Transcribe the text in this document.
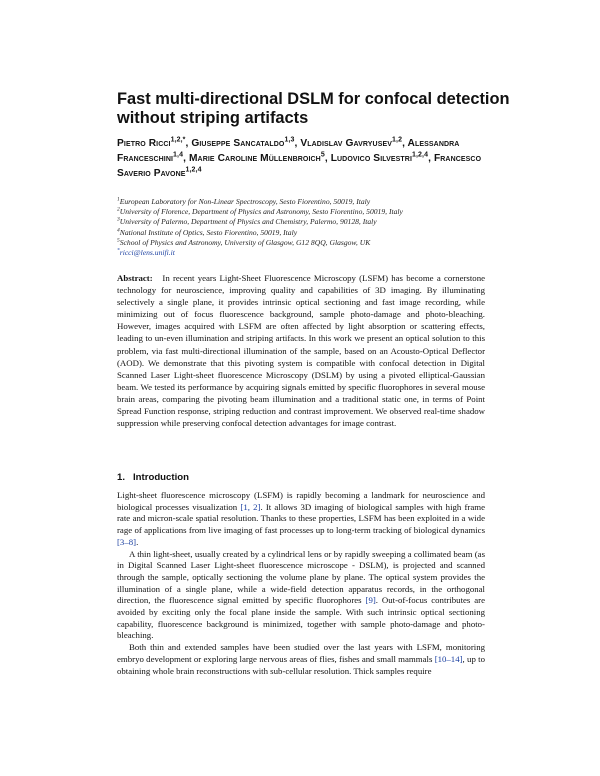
Fast multi-directional DSLM for confocal detection without striping artifacts
Pietro Ricci$^{1,2,*}$, Giuseppe Sancataldo$^{1,3}$, Vladislav Gavryusev$^{1,2}$, Alessandra Franceschini$^{1,4}$, Marie Caroline Müllenbroich$^5$, Ludovico Silvestri$^{1,2,4}$, Francesco Saverio Pavone$^{1,2,4}$
$^1$European Laboratory for Non-Linear Spectroscopy, Sesto Fiorentino, 50019, Italy
$^2$University of Florence, Department of Physics and Astronomy, Sesto Fiorentino, 50019, Italy
$^3$University of Palermo, Department of Physics and Chemistry, Palermo, 90128, Italy
$^4$National Institute of Optics, Sesto Fiorentino, 50019, Italy
$^5$School of Physics and Astronomy, University of Glasgow, G12 8QQ, Glasgow, UK
*ricci@lens.unifi.it
Abstract: In recent years Light-Sheet Fluorescence Microscopy (LSFM) has become a cornerstone technology for neuroscience, improving quality and capabilities of 3D imaging. By illuminating selectively a single plane, it provides intrinsic optical sectioning and fast image recording, while minimizing out of focus fluorescence background, sample photo-damage and photo-bleaching. However, images acquired with LSFM are often affected by light absorption or scattering effects, leading to un-even illumination and striping artifacts. In this work we present an optical solution to this problem, via fast multi-directional illumination of the sample, based on an Acousto-Optical Deflector (AOD). We demonstrate that this pivoting system is compatible with confocal detection in Digital Scanned Laser Light-sheet fluorescence Microscopy (DSLM) by using a pivoted elliptical-Gaussian beam. We tested its performance by acquiring signals emitted by specific fluorophores in several mouse brain areas, comparing the pivoting beam illumination and a traditional static one, in terms of Point Spread Function response, striping reduction and contrast improvement. We observed real-time shadow suppression while preserving confocal detection advantages for image contrast.
1. Introduction

Light-sheet fluorescence microscopy (LSFM) is rapidly becoming a landmark for neuroscience and biological processes visualization [1, 2]. It allows 3D imaging of biological samples with high frame rate and micron-scale spatial resolution. Thanks to these properties, LSFM has been exploited in a wide rage of applications from live imaging of fast processes up to long-term tracking of biological dynamics [3–8].

A thin light-sheet, usually created by a cylindrical lens or by rapidly sweeping a collimated beam (as in Digital Scanned Laser Light-sheet fluorescence microscope - DSLM), is projected and scanned through the sample, optically sectioning the volume plane by plane. The optical system provides the illumination of a single plane, while a wide-field detection apparatus records, in the orthogonal direction, the fluorescence signal emitted by specific fluorophores [9]. Out-of-focus contributes are avoided by exciting only the focal plane inside the sample. With such intrinsic optical sectioning capability, fluorescence background is minimized, together with sample photo-damage and photo-bleaching.

Both thin and extended samples have been studied over the last years with LSFM, monitoring embryo development or exploring large nervous areas of flies, fishes and small mammals [10–14], up to obtaining whole brain reconstructions with sub-cellular resolution. Thick samples require
